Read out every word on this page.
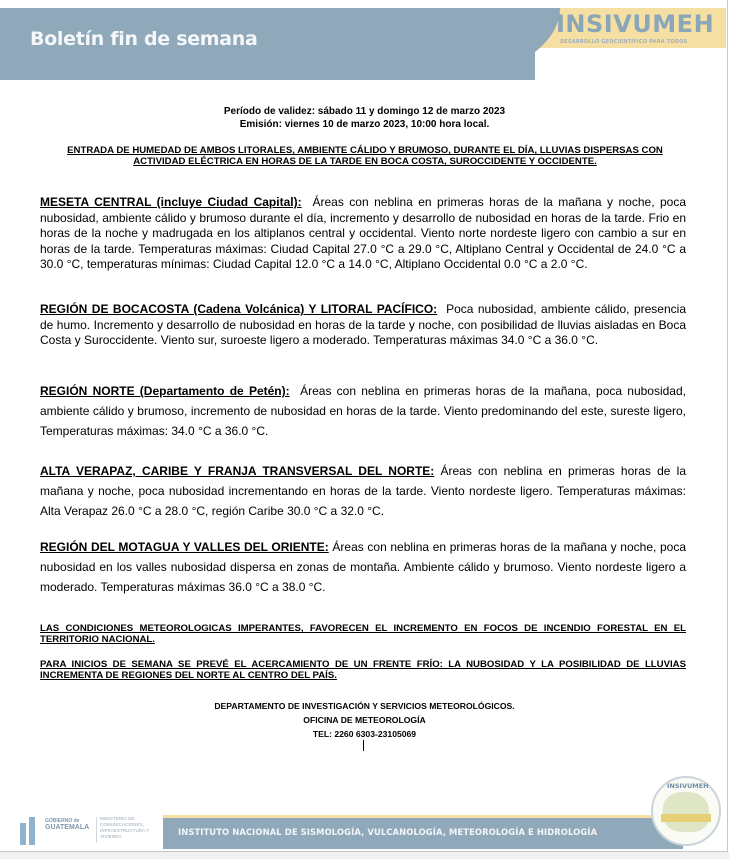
Boletín fin de semana
INSIVUMEH
DESARROLLO GEOCIENTÍFICO PARA TODOS
Período de validez: sábado 11 y domingo 12 de marzo 2023
Emisión: viernes 10 de marzo 2023, 10:00 hora local.
ENTRADA DE HUMEDAD DE AMBOS LITORALES, AMBIENTE CÁLIDO Y BRUMOSO, DURANTE EL DÍA, LLUVIAS DISPERSAS CON ACTIVIDAD ELÉCTRICA EN HORAS DE LA TARDE EN BOCA COSTA, SUROCCIDENTE Y OCCIDENTE.
MESETA CENTRAL (incluye Ciudad Capital): Áreas con neblina en primeras horas de la mañana y noche, poca nubosidad, ambiente cálido y brumoso durante el día, incremento y desarrollo de nubosidad en horas de la tarde. Frio en horas de la noche y madrugada en los altiplanos central y occidental. Viento norte nordeste ligero con cambio a sur en horas de la tarde. Temperaturas máximas: Ciudad Capital 27.0 °C a 29.0 °C, Altiplano Central y Occidental de 24.0 °C a 30.0 °C, temperaturas mínimas: Ciudad Capital 12.0 °C a 14.0 °C, Altiplano Occidental 0.0 °C a 2.0 °C.
REGIÓN DE BOCACOSTA (Cadena Volcánica) Y LITORAL PACÍFICO: Poca nubosidad, ambiente cálido, presencia de humo. Incremento y desarrollo de nubosidad en horas de la tarde y noche, con posibilidad de lluvias aisladas en Boca Costa y Suroccidente. Viento sur, suroeste ligero a moderado. Temperaturas máximas 34.0 °C a 36.0 °C.
REGIÓN NORTE (Departamento de Petén): Áreas con neblina en primeras horas de la mañana, poca nubosidad, ambiente cálido y brumoso, incremento de nubosidad en horas de la tarde. Viento predominando del este, sureste ligero, Temperaturas máximas: 34.0 °C a 36.0 °C.
ALTA VERAPAZ, CARIBE Y FRANJA TRANSVERSAL DEL NORTE: Áreas con neblina en primeras horas de la mañana y noche, poca nubosidad incrementando en horas de la tarde. Viento nordeste ligero. Temperaturas máximas: Alta Verapaz 26.0 °C a 28.0 °C, región Caribe 30.0 °C a 32.0 °C.
REGIÓN DEL MOTAGUA Y VALLES DEL ORIENTE: Áreas con neblina en primeras horas de la mañana y noche, poca nubosidad en los valles nubosidad dispersa en zonas de montaña. Ambiente cálido y brumoso. Viento nordeste ligero a moderado. Temperaturas máximas 36.0 °C a 38.0 °C.
LAS CONDICIONES METEOROLOGICAS IMPERANTES, FAVORECEN EL INCREMENTO EN FOCOS DE INCENDIO FORESTAL EN EL TERRITORIO NACIONAL.
PARA INICIOS DE SEMANA SE PREVÉ EL ACERCAMIENTO DE UN FRENTE FRÍO: LA NUBOSIDAD Y LA POSIBILIDAD DE LLUVIAS INCREMENTA DE REGIONES DEL NORTE AL CENTRO DEL PAÍS.
DEPARTAMENTO DE INVESTIGACIÓN Y SERVICIOS METEOROLÓGICOS.
OFICINA DE METEOROLOGÍA
TEL: 2260 6303-23105069
GOBIERNO de
GUATEMALA
MINISTERIO DE COMUNICACIONES, INFRAESTRUCTURA Y VIVIENDA	INSTITUTO NACIONAL DE SISMOLOGÍA, VULCANOLOGÍA, METEOROLOGÍA E HIDROLOGÍA
INSIVUMEH
